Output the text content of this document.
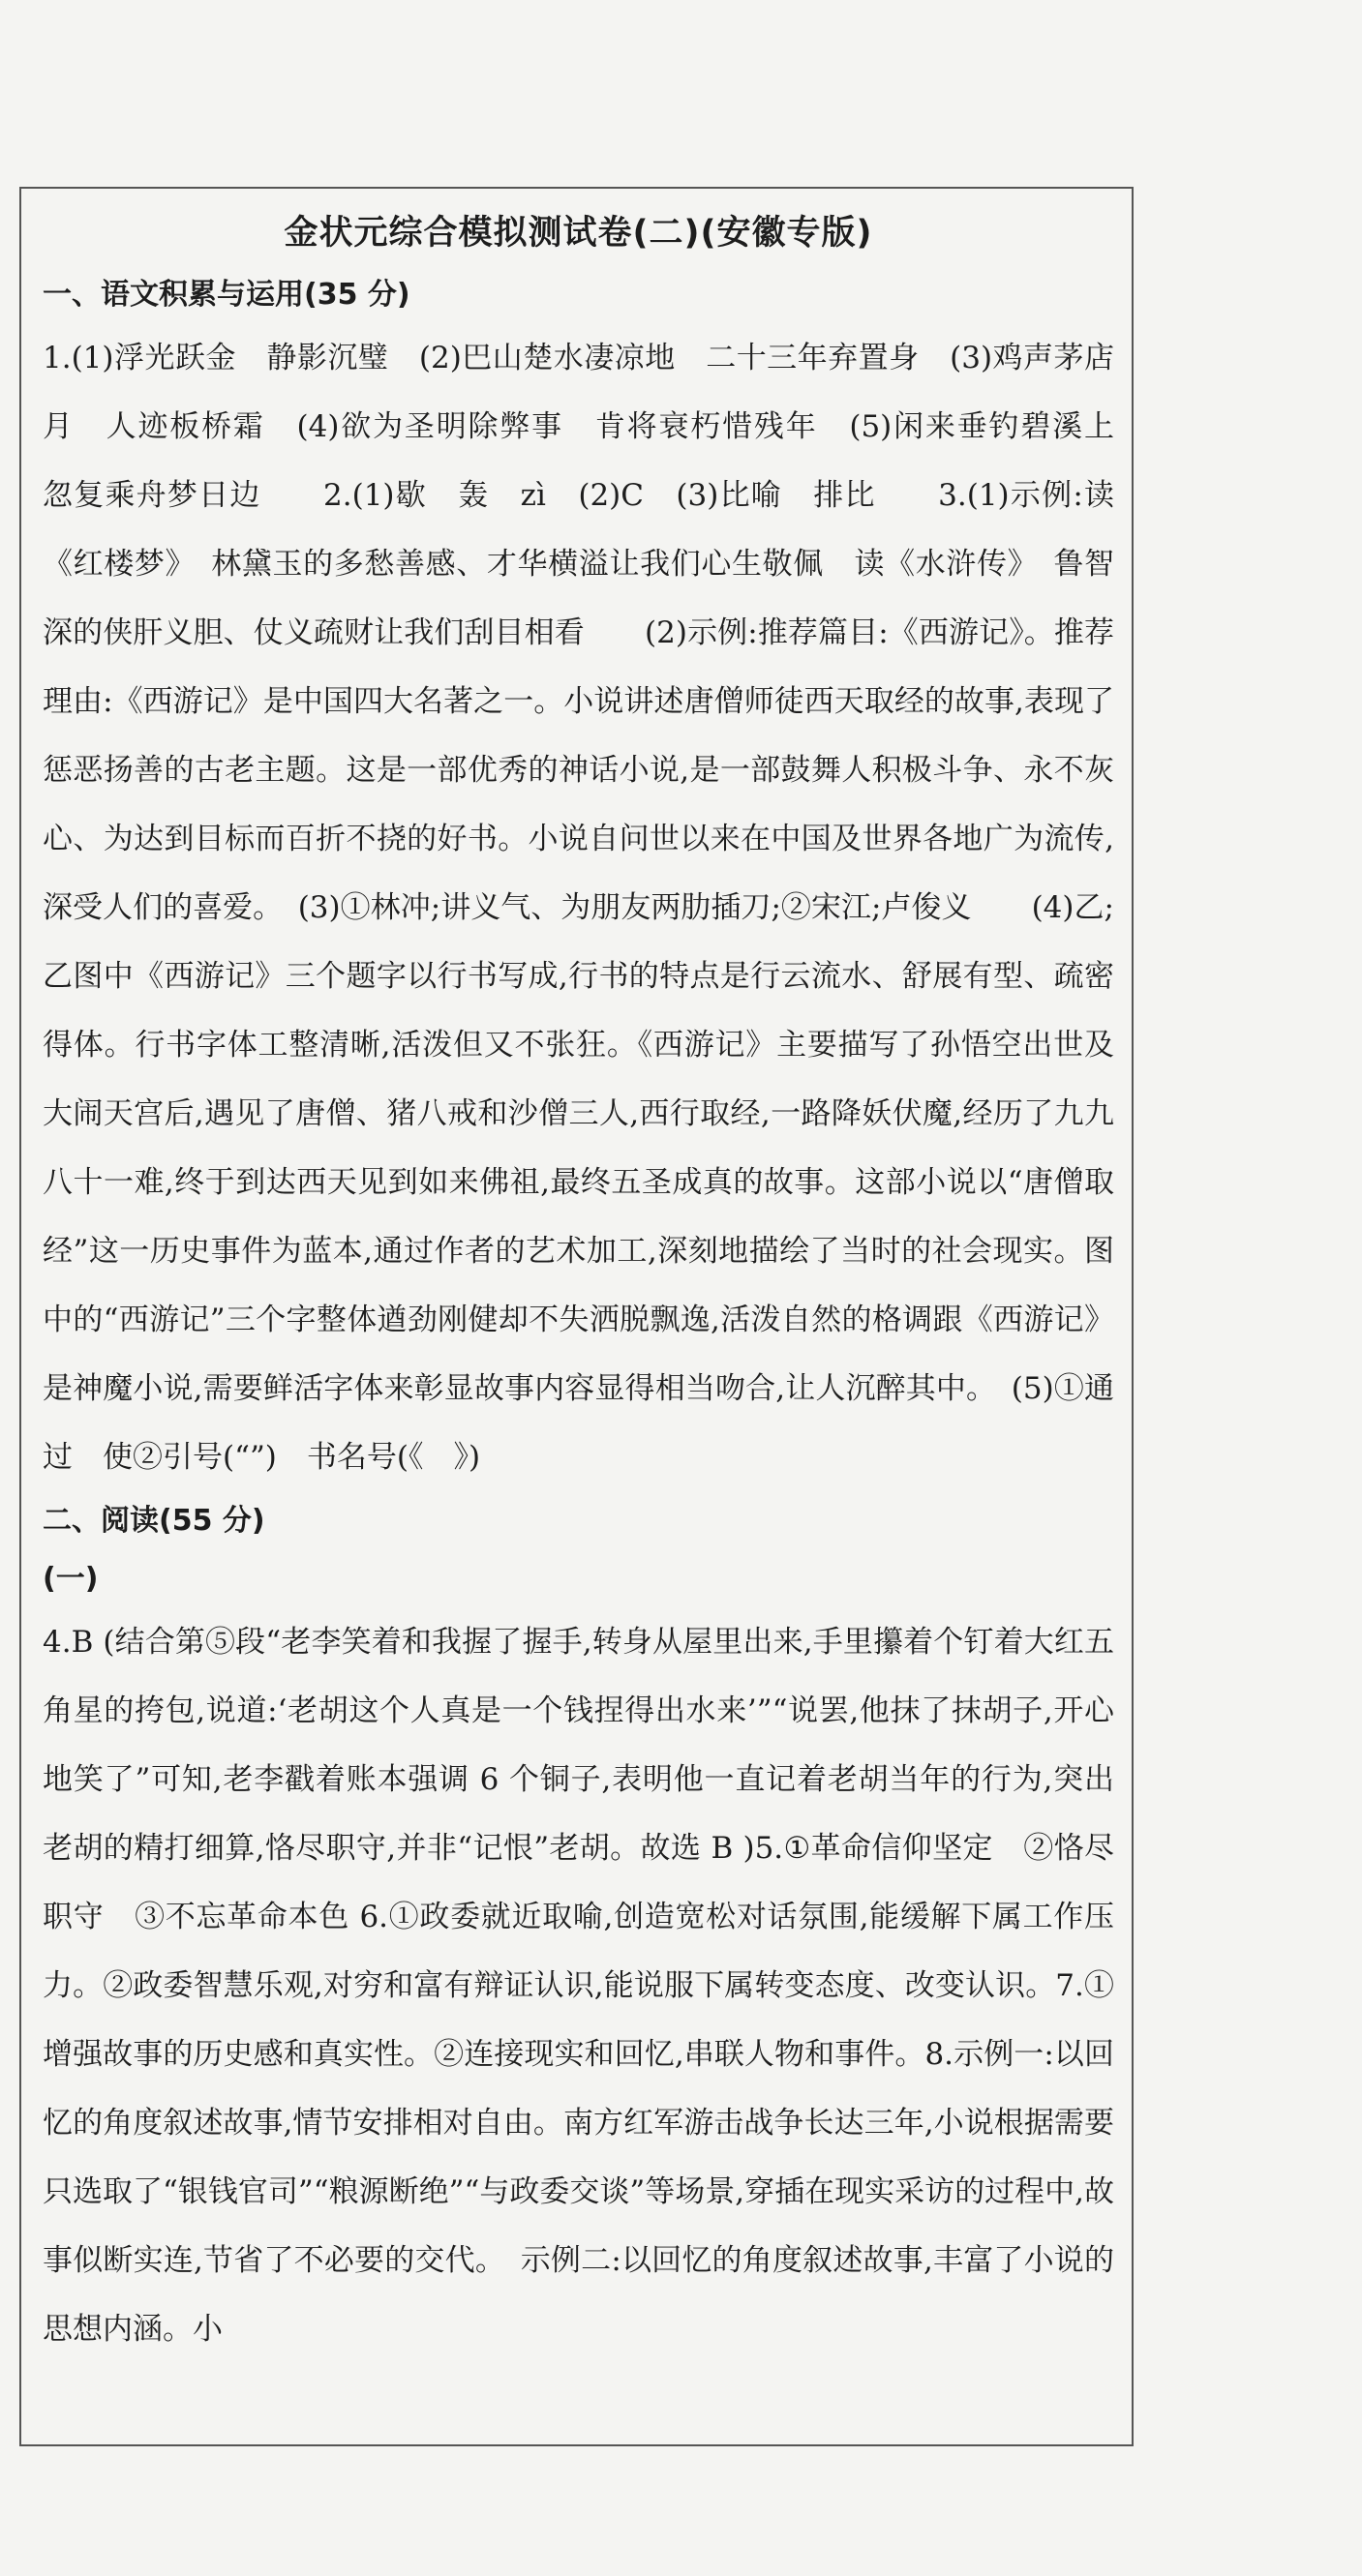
金状元综合模拟测试卷(二)(安徽专版)
一、语文积累与运用(35 分)

1.(1)浮光跃金　静影沉璧　(2)巴山楚水凄凉地　二十三年弃置身　(3)鸡声茅店月　人迹板桥霜　(4)欲为圣明除弊事　肯将衰朽惜残年　(5)闲来垂钓碧溪上　忽复乘舟梦日边　　2.(1)歇　轰　zì　(2)C　(3)比喻　排比　　3.(1)示例:读《红楼梦》　林黛玉的多愁善感、才华横溢让我们心生敬佩　读《水浒传》　鲁智深的侠肝义胆、仗义疏财让我们刮目相看　　(2)示例:推荐篇目:《西游记》。推荐理由:《西游记》是中国四大名著之一。小说讲述唐僧师徒西天取经的故事,表现了惩恶扬善的古老主题。这是一部优秀的神话小说,是一部鼓舞人积极斗争、永不灰心、为达到目标而百折不挠的好书。小说自问世以来在中国及世界各地广为流传,深受人们的喜爱。　(3)①林冲;讲义气、为朋友两肋插刀;②宋江;卢俊义　　(4)乙;乙图中《西游记》三个题字以行书写成,行书的特点是行云流水、舒展有型、疏密得体。行书字体工整清晰,活泼但又不张狂。《西游记》主要描写了孙悟空出世及大闹天宫后,遇见了唐僧、猪八戒和沙僧三人,西行取经,一路降妖伏魔,经历了九九八十一难,终于到达西天见到如来佛祖,最终五圣成真的故事。这部小说以“唐僧取经”这一历史事件为蓝本,通过作者的艺术加工,深刻地描绘了当时的社会现实。图中的“西游记”三个字整体遒劲刚健却不失洒脱飘逸,活泼自然的格调跟《西游记》是神魔小说,需要鲜活字体来彰显故事内容显得相当吻合,让人沉醉其中。　(5)①通过　使②引号(“”)　书名号(《　》)

二、阅读(55 分)
(一)

4.B (结合第⑤段“老李笑着和我握了握手,转身从屋里出来,手里攥着个钉着大红五角星的挎包,说道:‘老胡这个人真是一个钱捏得出水来’”“说罢,他抹了抹胡子,开心地笑了”可知,老李戳着账本强调 6 个铜子,表明他一直记着老胡当年的行为,突出老胡的精打细算,恪尽职守,并非“记恨”老胡。故选 B )5.①革命信仰坚定　②恪尽职守　③不忘革命本色 6.①政委就近取喻,创造宽松对话氛围,能缓解下属工作压力。②政委智慧乐观,对穷和富有辩证认识,能说服下属转变态度、改变认识。7.①增强故事的历史感和真实性。②连接现实和回忆,串联人物和事件。8.示例一:以回忆的角度叙述故事,情节安排相对自由。南方红军游击战争长达三年,小说根据需要只选取了“银钱官司”“粮源断绝”“与政委交谈”等场景,穿插在现实采访的过程中,故事似断实连,节省了不必要的交代。　示例二:以回忆的角度叙述故事,丰富了小说的思想内涵。小
